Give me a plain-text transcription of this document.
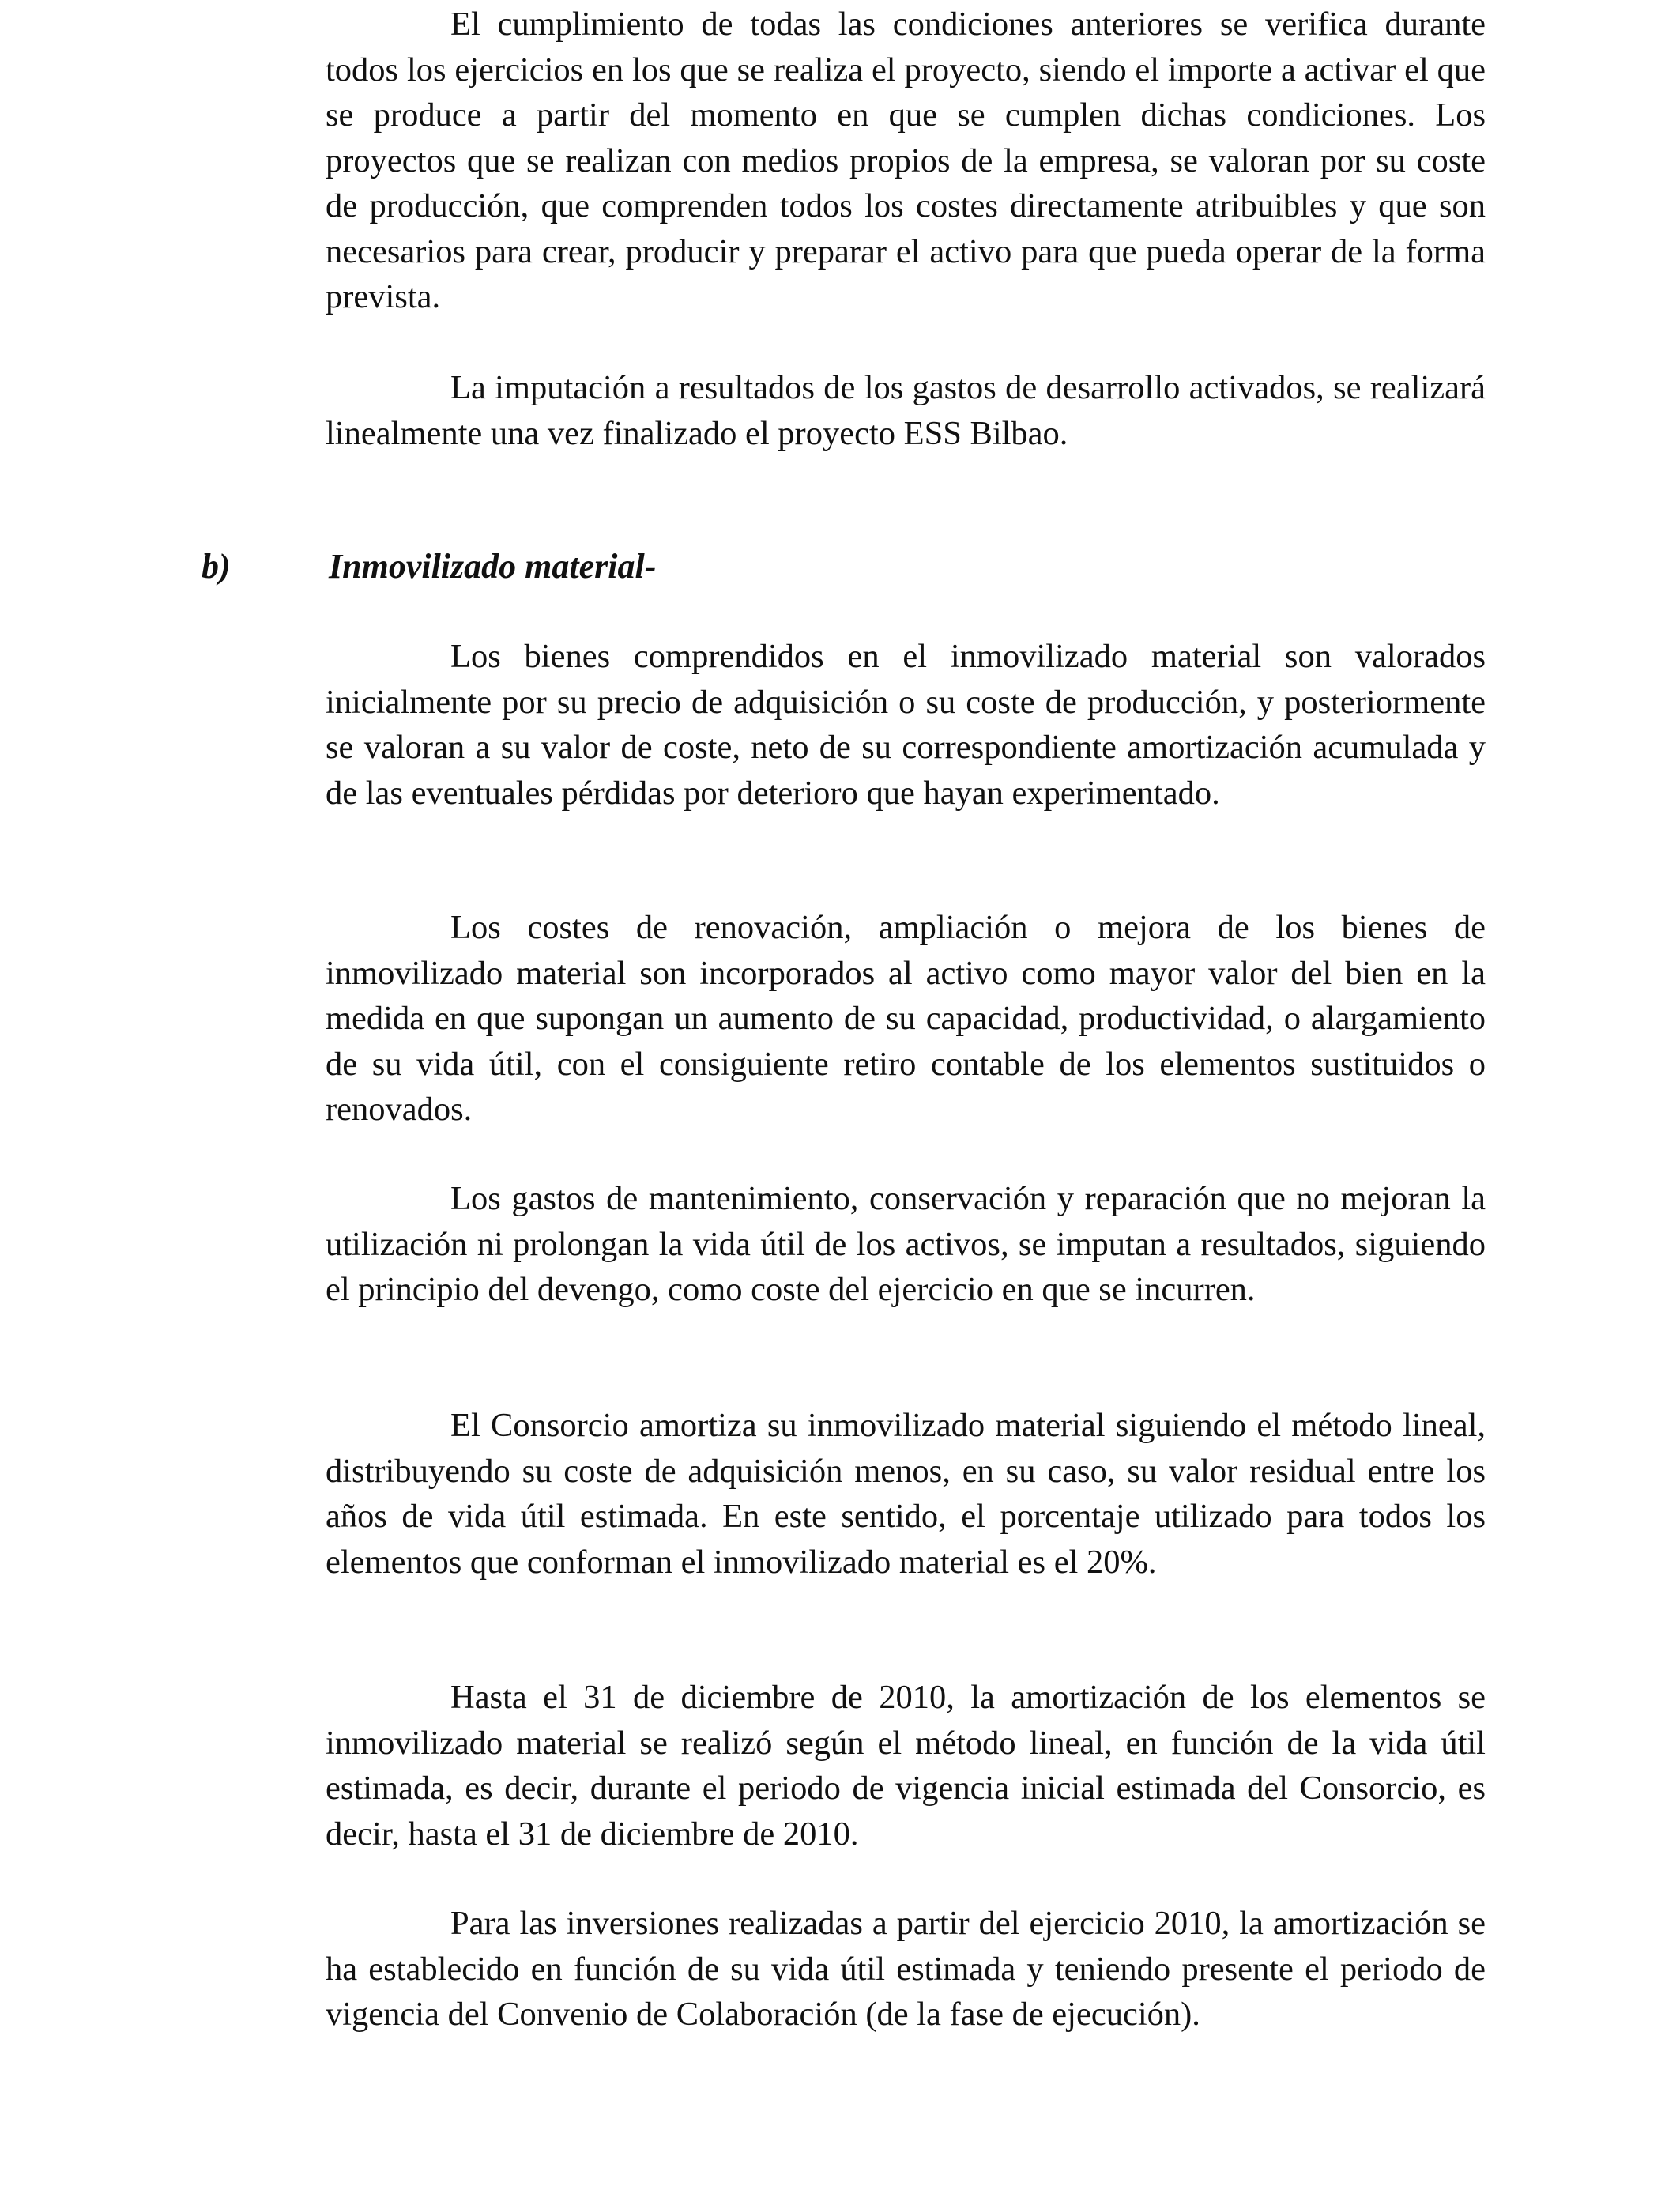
El cumplimiento de todas las condiciones anteriores se verifica durante todos los ejercicios en los que se realiza el proyecto, siendo el importe a activar el que se produce a partir del momento en que se cumplen dichas condiciones. Los proyectos que se realizan con medios propios de la empresa, se valoran por su coste de producción, que comprenden todos los costes directamente atribuibles y que son necesarios para crear, producir y preparar el activo para que pueda operar de la forma prevista.

La imputación a resultados de los gastos de desarrollo activados, se realizará linealmente una vez finalizado el proyecto ESS Bilbao.

b)	Inmovilizado material-

Los bienes comprendidos en el inmovilizado material son valorados inicialmente por su precio de adquisición o su coste de producción, y posteriormente se valoran a su valor de coste, neto de su correspondiente amortización acumulada y de las eventuales pérdidas por deterioro que hayan experimentado.

Los costes de renovación, ampliación o mejora de los bienes de inmovilizado material son incorporados al activo como mayor valor del bien en la medida en que supongan un aumento de su capacidad, productividad, o alargamiento de su vida útil, con el consiguiente retiro contable de los elementos sustituidos o renovados.

Los gastos de mantenimiento, conservación y reparación que no mejoran la utilización ni prolongan la vida útil de los activos, se imputan a resultados, siguiendo el principio del devengo, como coste del ejercicio en que se incurren.

El Consorcio amortiza su inmovilizado material siguiendo el método lineal, distribuyendo su coste de adquisición menos, en su caso, su valor residual entre los años de vida útil estimada. En este sentido, el porcentaje utilizado para todos los elementos que conforman el inmovilizado material es el 20%.

Hasta el 31 de diciembre de 2010, la amortización de los elementos se inmovilizado material se realizó según el método lineal, en función de la vida útil estimada, es decir, durante el periodo de vigencia inicial estimada del Consorcio, es decir, hasta el 31 de diciembre de 2010.

Para las inversiones realizadas a partir del ejercicio 2010, la amortización se ha establecido en función de su vida útil estimada y teniendo presente el periodo de vigencia del Convenio de Colaboración (de la fase de ejecución).
